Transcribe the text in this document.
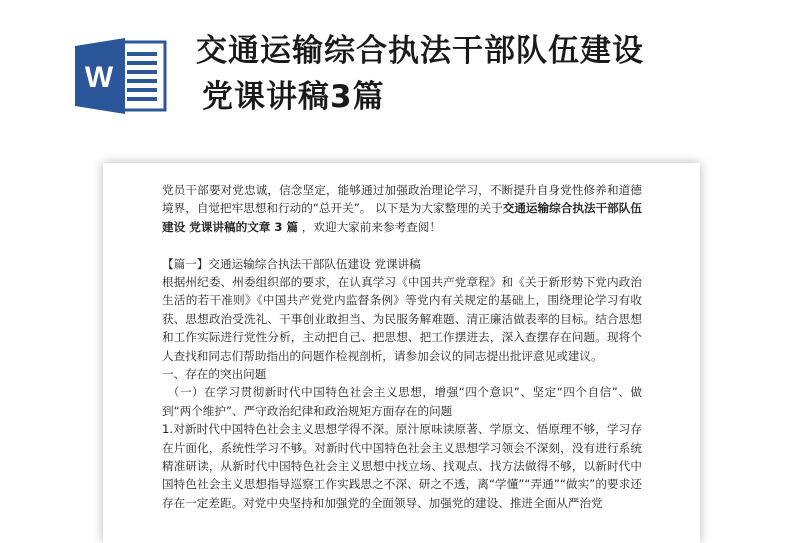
W
交通运输综合执法干部队伍建设
党课讲稿3篇

党员干部要对党忠诚，信念坚定，能够通过加强政治理论学习，不断提升自身党性修养和道德境界，自觉把牢思想和行动的“总开关”。 以下是为大家整理的关于交通运输综合执法干部队伍建设 党课讲稿的文章 3 篇 ，欢迎大家前来参考查阅！

【篇一】交通运输综合执法干部队伍建设 党课讲稿

根据州纪委、州委组织部的要求，在认真学习《中国共产党章程》和《关于新形势下党内政治生活的若干准则》《中国共产党党内监督条例》等党内有关规定的基础上，围绕理论学习有收获、思想政治受洗礼、干事创业敢担当、为民服务解难题、清正廉洁做表率的目标。结合思想和工作实际进行党性分析，主动把自己、把思想、把工作摆进去，深入查摆存在问题。现将个人查找和同志们帮助指出的问题作检视剖析，请参加会议的同志提出批评意见或建议。

一、存在的突出问题

（一）在学习贯彻新时代中国特色社会主义思想，增强“四个意识”、坚定“四个自信”、做到“两个维护”、严守政治纪律和政治规矩方面存在的问题

1.对新时代中国特色社会主义思想学得不深。原汁原味读原著、学原文、悟原理不够，学习存在片面化，系统性学习不够。对新时代中国特色社会主义思想学习领会不深刻，没有进行系统精准研读，从新时代中国特色社会主义思想中找立场、找观点、找方法做得不够，以新时代中国特色社会主义思想指导巡察工作实践思之不深、研之不透，离“学懂”“弄通”“做实”的要求还存在一定差距。对党中央坚持和加强党的全面领导、加强党的建设、推进全面从严治党
